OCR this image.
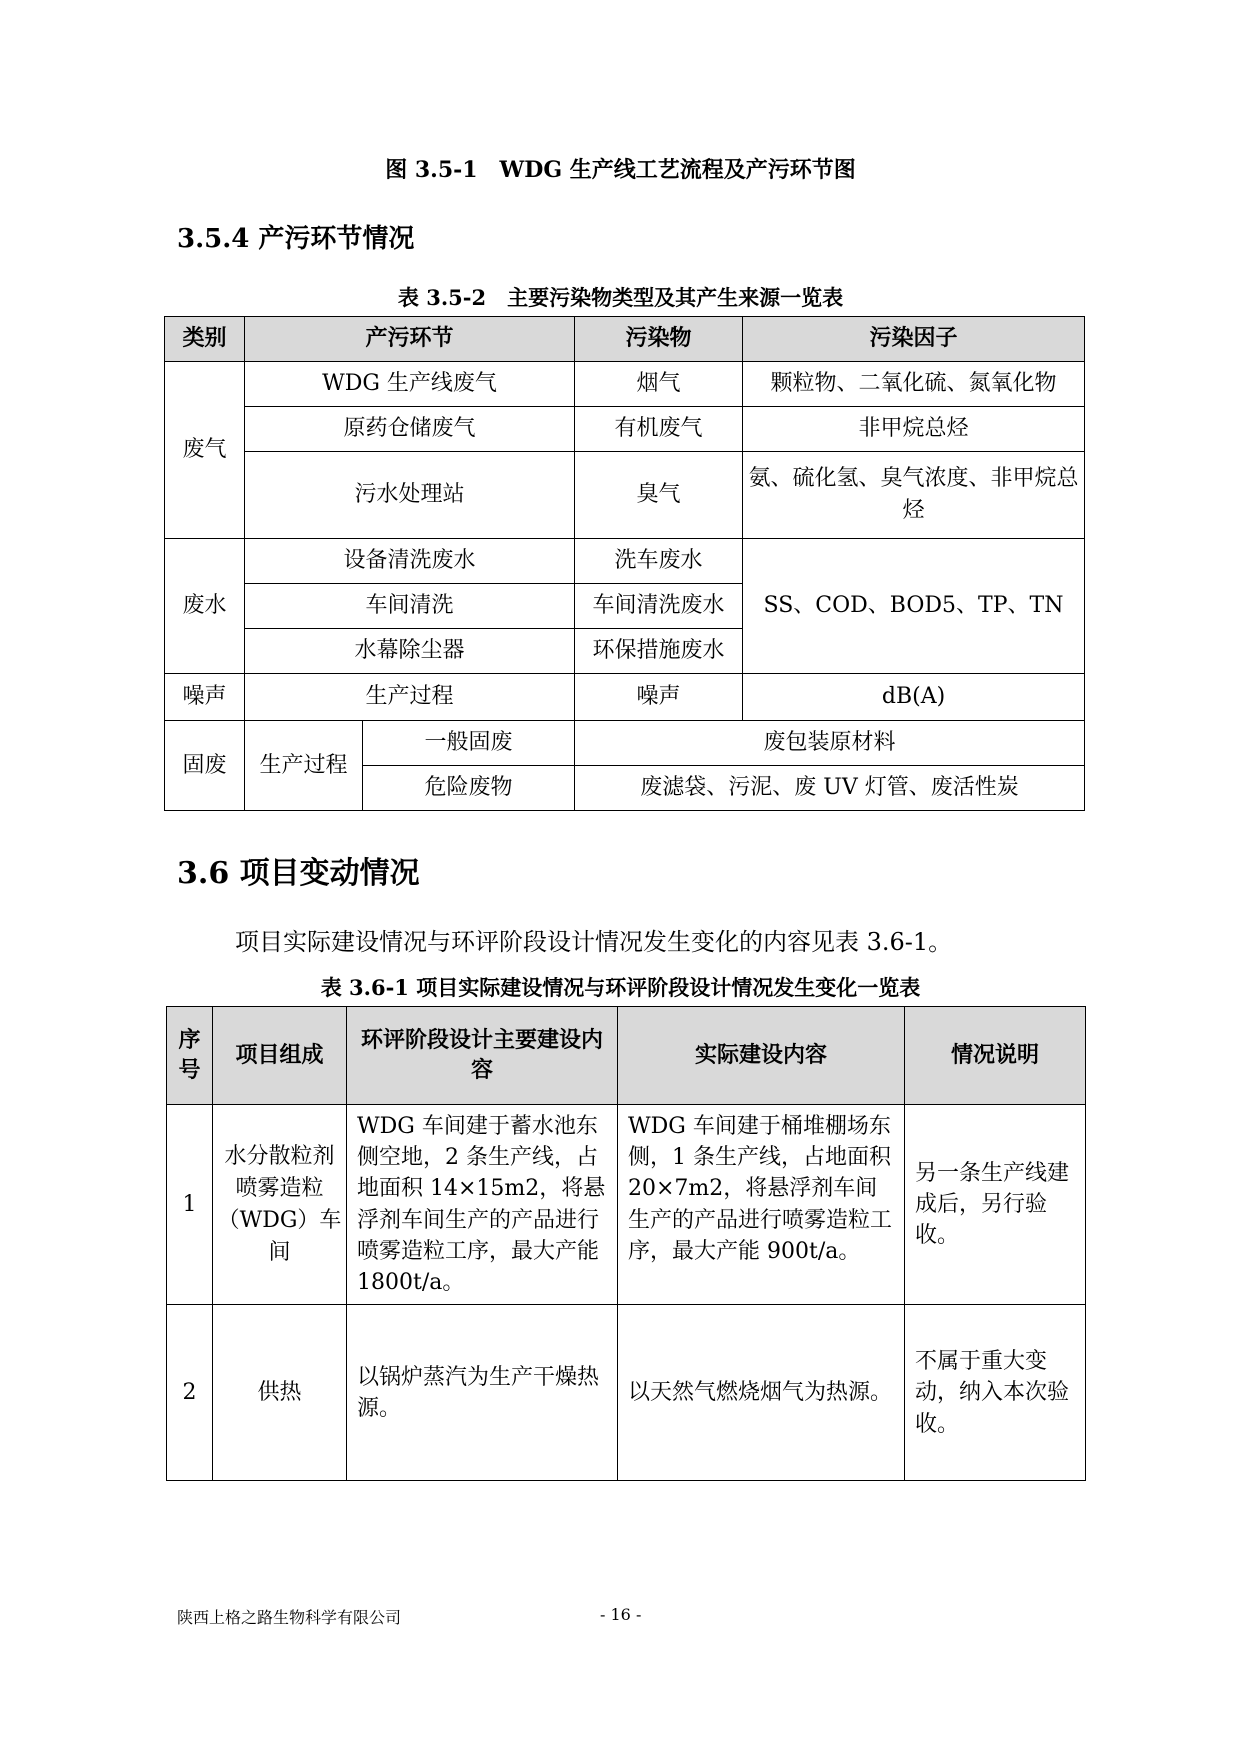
图 3.5-1　WDG 生产线工艺流程及产污环节图
3.5.4 产污环节情况
表 3.5-2　主要污染物类型及其产生来源一览表
类别	产污环节		污染物	污染因子
废气	WDG 生产线废气		烟气	颗粒物、二氧化硫、氮氧化物
	原药仓储废气		有机废气	非甲烷总烃
	污水处理站		臭气	氨、硫化氢、臭气浓度、非甲烷总烃
废水	设备清洗废水		洗车废水	SS、COD、BOD5、TP、TN
	车间清洗		车间清洗废水	
	水幕除尘器		环保措施废水	
噪声	生产过程		噪声	dB(A)
固废	生产过程	一般固废	废包装原材料	
		危险废物	废滤袋、污泥、废 UV 灯管、废活性炭	
3.6 项目变动情况
项目实际建设情况与环评阶段设计情况发生变化的内容见表 3.6-1。
表 3.6-1 项目实际建设情况与环评阶段设计情况发生变化一览表
序号	项目组成	环评阶段设计主要建设内容	实际建设内容	情况说明
1	水分散粒剂喷雾造粒（WDG）车间	WDG 车间建于蓄水池东侧空地，2 条生产线，占地面积 14×15m2，将悬浮剂车间生产的产品进行喷雾造粒工序，最大产能 1800t/a。	WDG 车间建于桶堆棚场东侧，1 条生产线，占地面积 20×7m2，将悬浮剂车间生产的产品进行喷雾造粒工序，最大产能 900t/a。	另一条生产线建成后，另行验收。
2	供热	以锅炉蒸汽为生产干燥热源。	以天然气燃烧烟气为热源。	不属于重大变动，纳入本次验收。
陕西上格之路生物科学有限公司	- 16 -
